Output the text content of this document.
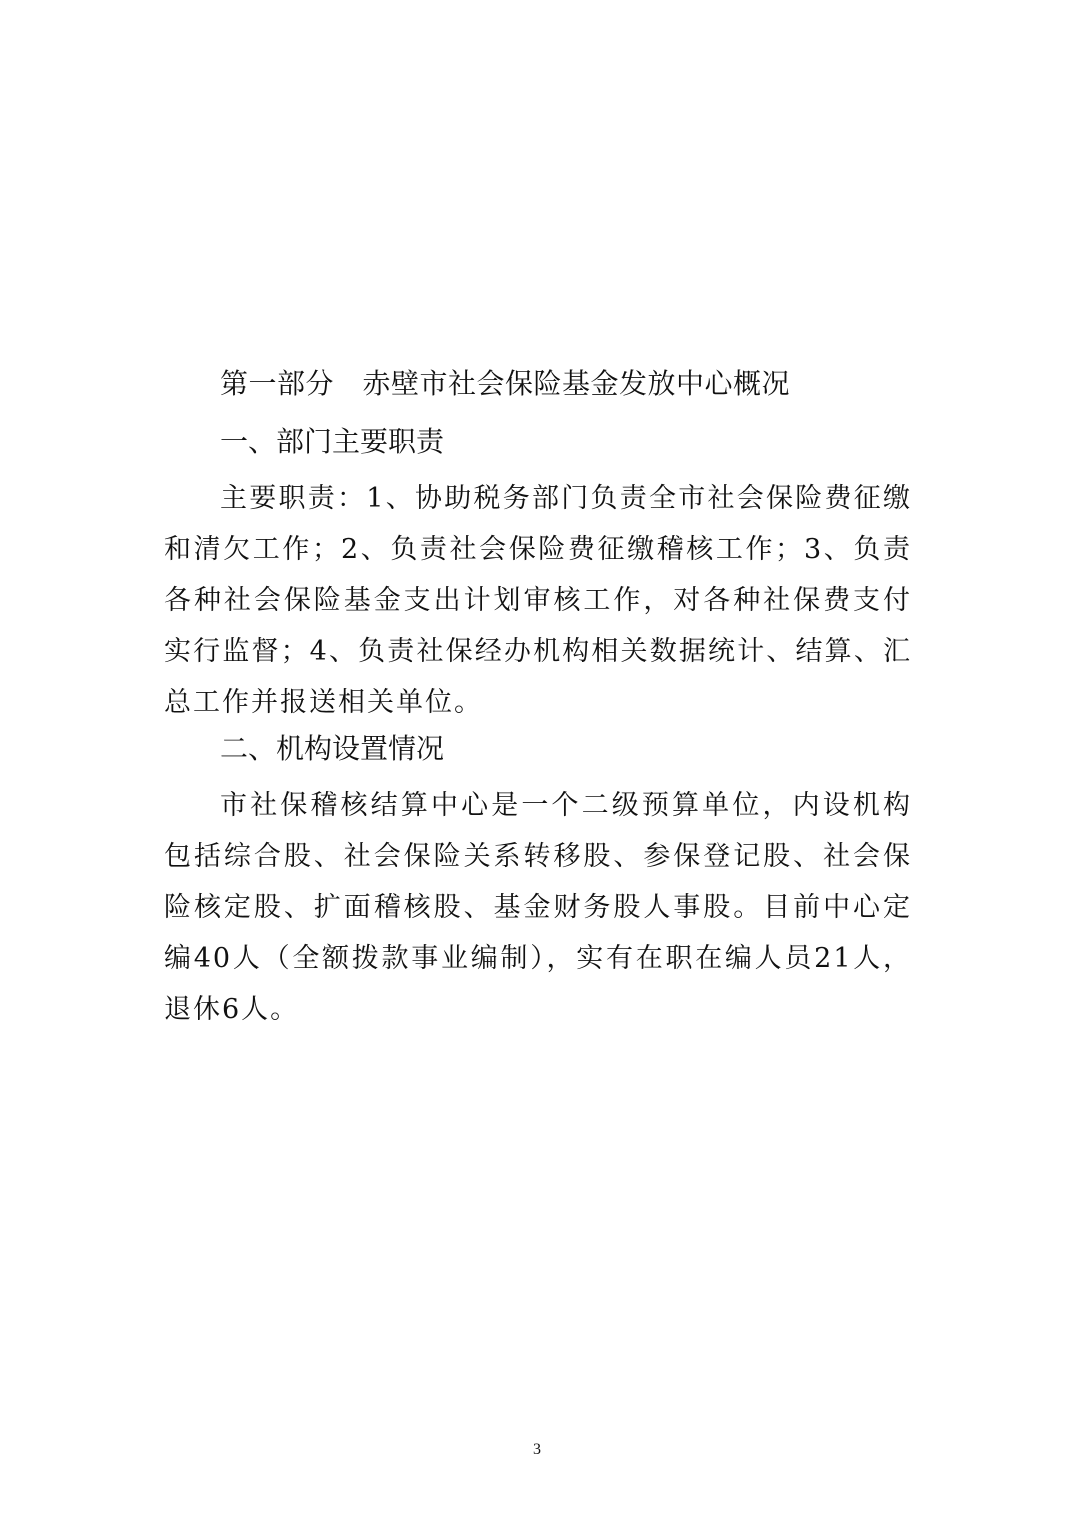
第一部分　赤壁市社会保险基金发放中心概况
一、部门主要职责

主要职责：1、协助税务部门负责全市社会保险费征缴和清欠工作；2、负责社会保险费征缴稽核工作；3、负责各种社会保险基金支出计划审核工作，对各种社保费支付实行监督；4、负责社保经办机构相关数据统计、结算、汇总工作并报送相关单位。

二、机构设置情况

市社保稽核结算中心是一个二级预算单位，内设机构包括综合股、社会保险关系转移股、参保登记股、社会保险核定股、扩面稽核股、基金财务股人事股。目前中心定编40人（全额拨款事业编制），实有在职在编人员21人，退休6人。

3
